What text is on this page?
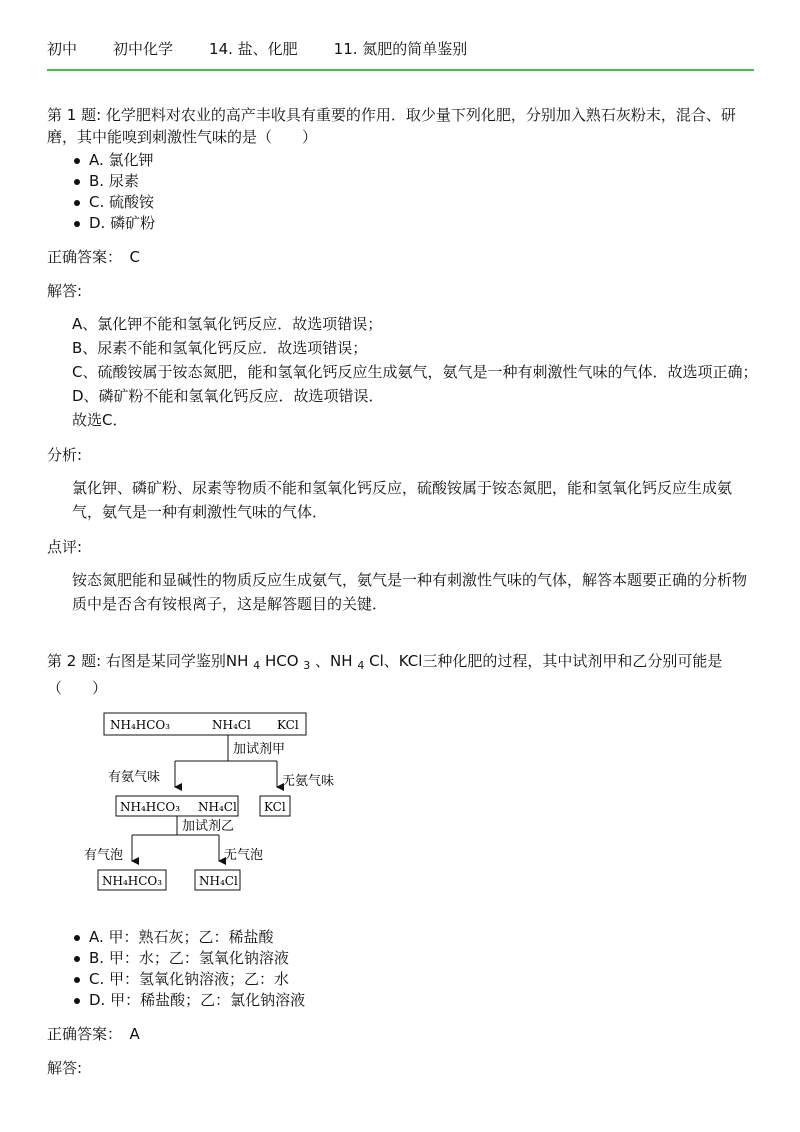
初中 初中化学 14. 盐、化肥 11. 氮肥的简单鉴别

第 1 题: 化学肥料对农业的高产丰收具有重要的作用．取少量下列化肥，分别加入熟石灰粉末，混合、研磨，其中能嗅到刺激性气味的是（　　）

A. 氯化钾
B. 尿素
C. 硫酸铵
D. 磷矿粉
正确答案：　C
解答:

A、氯化钾不能和氢氧化钙反应．故选项错误；

B、尿素不能和氢氧化钙反应．故选项错误；

C、硫酸铵属于铵态氮肥，能和氢氧化钙反应生成氨气，氨气是一种有刺激性气味的气体．故选项正确；

D、磷矿粉不能和氢氧化钙反应．故选项错误．

故选C．

分析:

氯化钾、磷矿粉、尿素等物质不能和氢氧化钙反应，硫酸铵属于铵态氮肥，能和氢氧化钙反应生成氨气，氨气是一种有刺激性气味的气体．

点评:

铵态氮肥能和显碱性的物质反应生成氨气，氨气是一种有刺激性气味的气体，解答本题要正确的分析物质中是否含有铵根离子，这是解答题目的关键．

第 2 题: 右图是某同学鉴别NH $_4$ HCO $_3$ 、NH $_4$ Cl、KCl三种化肥的过程，其中试剂甲和乙分别可能是（　　）

NH₄HCO₃	NH₄Cl KCl
加试剂甲
有氨气味	无氨气味
NH₄HCO₃ NH₄Cl KCl
加试剂乙
有气泡	无气泡
NH₄HCO₃	NH₄Cl
A. 甲：熟石灰；乙：稀盐酸
B. 甲：水；乙：氢氧化钠溶液
C. 甲：氢氧化钠溶液；乙：水
D. 甲：稀盐酸；乙：氯化钠溶液
正确答案：　A
解答:
